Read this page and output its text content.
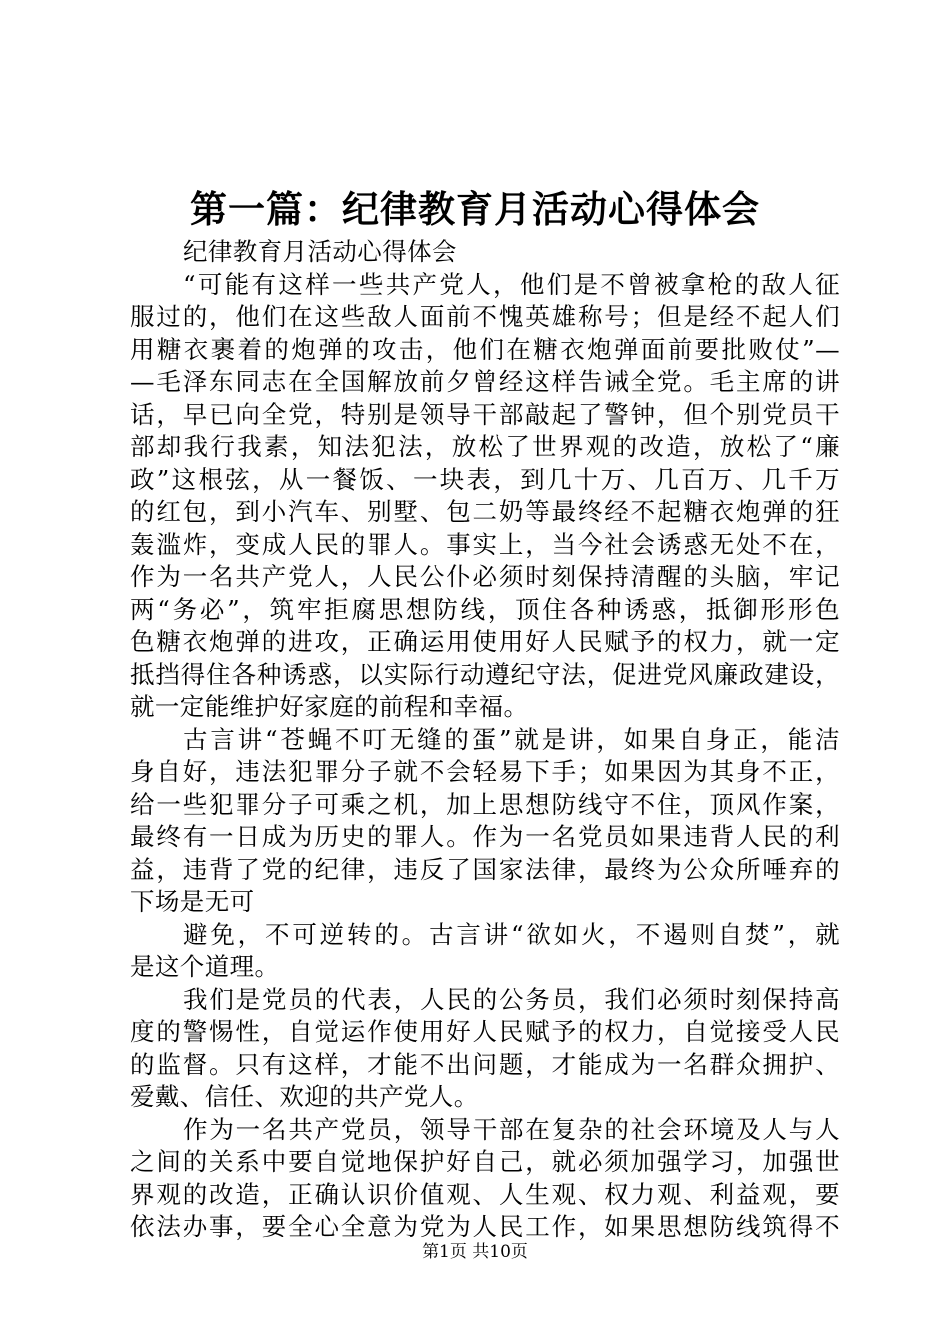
第一篇：纪律教育月活动心得体会
纪律教育月活动心得体会
“可能有这样一些共产党人，他们是不曾被拿枪的敌人征
服过的，他们在这些敌人面前不愧英雄称号；但是经不起人们
用糖衣裹着的炮弹的攻击，他们在糖衣炮弹面前要批败仗”—
—毛泽东同志在全国解放前夕曾经这样告诫全党。毛主席的讲
话，早已向全党，特别是领导干部敲起了警钟，但个别党员干
部却我行我素，知法犯法，放松了世界观的改造，放松了“廉
政”这根弦，从一餐饭、一块表，到几十万、几百万、几千万
的红包，到小汽车、别墅、包二奶等最终经不起糖衣炮弹的狂
轰滥炸，变成人民的罪人。事实上，当今社会诱惑无处不在，
作为一名共产党人，人民公仆必须时刻保持清醒的头脑，牢记
两“务必”，筑牢拒腐思想防线，顶住各种诱惑，抵御形形色
色糖衣炮弹的进攻，正确运用使用好人民赋予的权力，就一定
抵挡得住各种诱惑，以实际行动遵纪守法，促进党风廉政建设，
就一定能维护好家庭的前程和幸福。
古言讲“苍蝇不叮无缝的蛋”就是讲，如果自身正，能洁
身自好，违法犯罪分子就不会轻易下手；如果因为其身不正，
给一些犯罪分子可乘之机，加上思想防线守不住，顶风作案，
最终有一日成为历史的罪人。作为一名党员如果违背人民的利
益，违背了党的纪律，违反了国家法律，最终为公众所唾弃的
下场是无可
避免，不可逆转的。古言讲“欲如火，不遏则自焚”，就
是这个道理。
我们是党员的代表，人民的公务员，我们必须时刻保持高
度的警惕性，自觉运作使用好人民赋予的权力，自觉接受人民
的监督。只有这样，才能不出问题，才能成为一名群众拥护、
爱戴、信任、欢迎的共产党人。
作为一名共产党员，领导干部在复杂的社会环境及人与人
之间的关系中要自觉地保护好自己，就必须加强学习，加强世
界观的改造，正确认识价值观、人生观、权力观、利益观，要
依法办事，要全心全意为党为人民工作，如果思想防线筑得不
第1页 共10页
